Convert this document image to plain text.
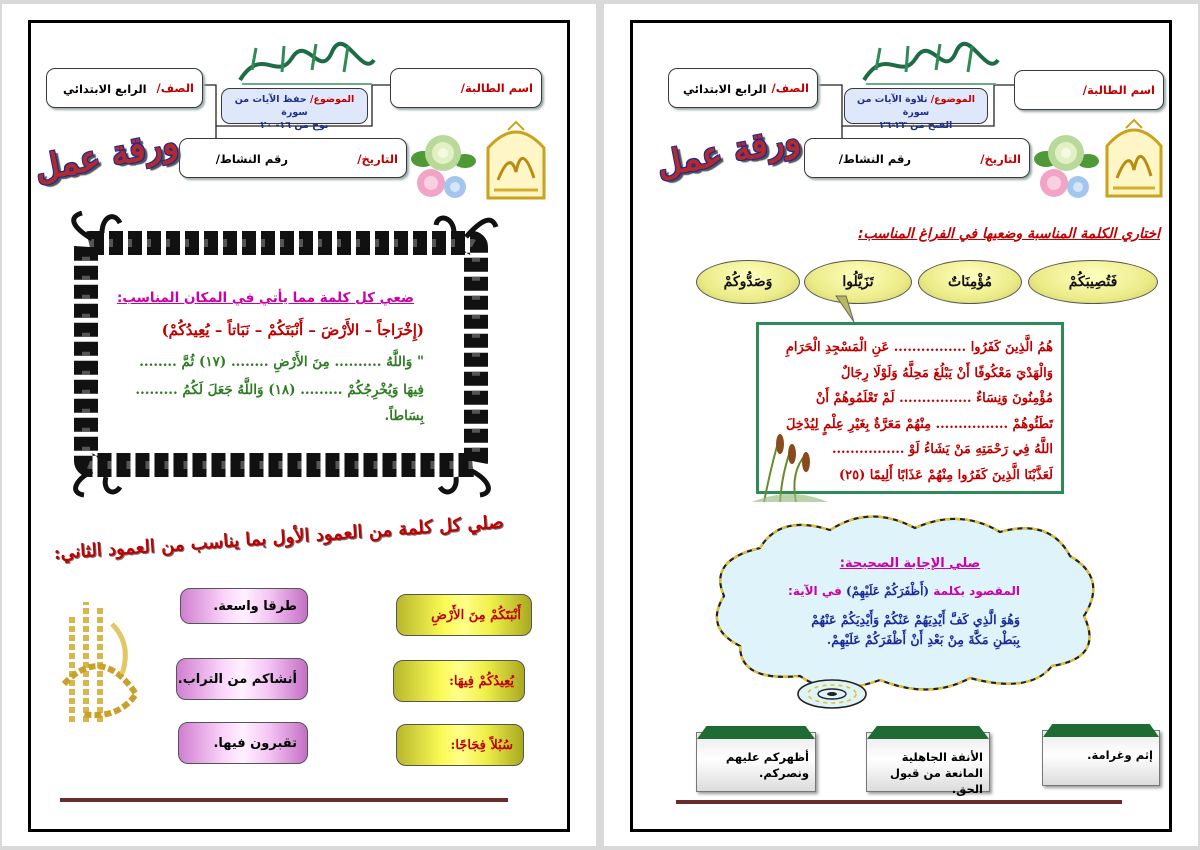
الموضوع/ حفظ الآيات من سورة
نوح من ١٦- ٢٠
الصف/
الرابع الابتدائي	اسم الطالبة/
التاريخ/
رقم النشاط/
ورقة عمل
ضعي كل كلمة مما يأتي في المكان المناسب:
(إِخْرَاجاً – الأَرْضَ – أَنْبَتَكُمْ – نَبَاتاً – يُعِيدُكُمْ)
" وَاللَّهُ .......... مِنَ الأَرْضِ ........ (١٧) ثُمَّ ........
فِيهَا وَيُخْرِجُكُمْ ......... (١٨) وَاللَّهُ جَعَلَ لَكُمُ .........
بِسَاطاً.
صلي كل كلمة من العمود الأول بما يناسب من العمود الثاني:
طرقا واسعة.
أنشاكم من التراب.
تقبرون فيها.
أَنْبَتَكُمْ مِنَ الأَرْضِ
يُعِيدُكُمْ فِيهَا:
سُبُلاً فِجَاجًا:
الموضوع/ تلاوة الآيات من سورة
الفتح من ٢٣-٢٦
الصف/
الرابع الابتدائي	اسم الطالبة/
التاريخ/
رقم النشاط/
ورقة عمل
اختاري الكلمة المناسبة وضعيها في الفراغ المناسب:
فَتُصِيبَكُمْ
مُؤْمِنَاتٌ
تَزَيَّلُوا
وَصَدُّوكُمْ
هُمُ الَّذِينَ كَفَرُوا ................ عَنِ الْمَسْجِدِ الْحَرَامِ
وَالْهَدْيَ مَعْكُوفًا أَنْ يَبْلُغَ مَحِلَّهُ وَلَوْلَا رِجَالٌ
مُؤْمِنُونَ وَنِسَاءٌ ................ لَمْ تَعْلَمُوهُمْ أَنْ
تَطَئُوهُمْ ................ مِنْهُمْ مَعَرَّةٌ بِغَيْرِ عِلْمٍ لِيُدْخِلَ
اللَّهُ فِي رَحْمَتِهِ مَنْ يَشَاءُ لَوْ ................
لَعَذَّبْنَا الَّذِينَ كَفَرُوا مِنْهُمْ عَذَابًا أَلِيمًا (٢٥)
صلي الإجابة الصحيحة:
المقصود بكلمة (أَظْفَرَكُمْ عَلَيْهِمْ) في الآية:
وَهُوَ الَّذِي كَفَّ أَيْدِيَهُمْ عَنْكُمْ وَأَيْدِيَكُمْ عَنْهُمْ
بِبَطْنِ مَكَّةَ مِنْ بَعْدِ أَنْ أَظْفَرَكُمْ عَلَيْهِمْ.
إثم وغرامة.
الأنفة الجاهلية المانعة من قبول الحق.
أظهركم عليهم ونصركم.
